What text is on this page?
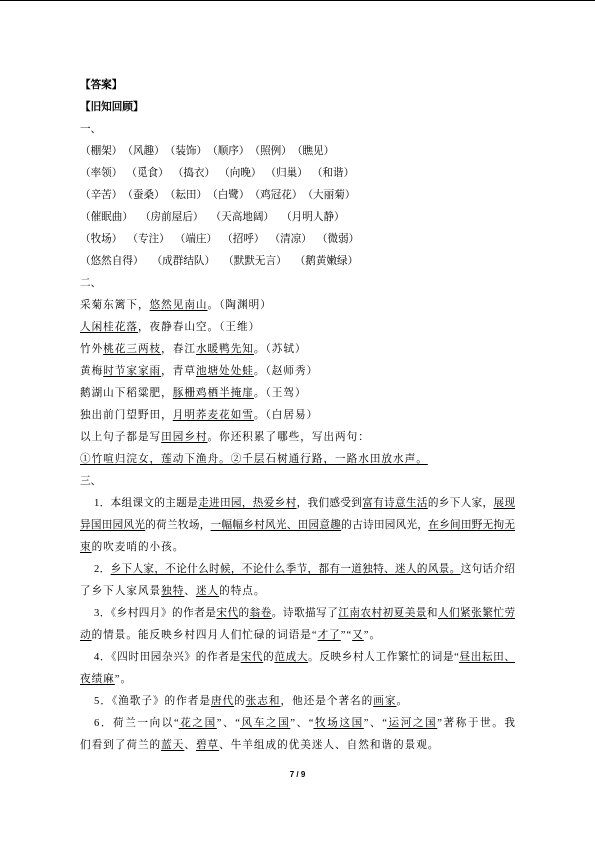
【答案】
【旧知回顾】
一、
（棚架） （风趣） （装饰） （顺序） （照例） （瞧见）
（率领） （觅食） （捣衣） （向晚） （归巢） （和谐）
（辛苦） （蚕桑） （耘田） （白鹭） （鸡冠花） （大丽菊）
（催眠曲） （房前屋后） （天高地阔） （月明人静）
（牧场） （专注） （端庄） （招呼） （清凉） （微弱）
（悠然自得） （成群结队） （默默无言） （鹅黄嫩绿）
二、
采菊东篱下，悠然见南山。（陶渊明）
人闲桂花落，夜静春山空。（王维）
竹外桃花三两枝，春江水暖鸭先知。（苏轼）
黄梅时节家家雨，青草池塘处处蛙。（赵师秀）
鹅湖山下稻粱肥，豚栅鸡栖半掩扉。（王驾）
独出前门望野田，月明荞麦花如雪。（白居易）
以上句子都是写田园乡村。你还积累了哪些，写出两句：
①竹喧归浣女，莲动下渔舟。②千层石树通行路，一路水田放水声。
三、
1．本组课文的主题是走进田园，热爱乡村，我们感受到富有诗意生活的乡下人家，展现
异国田园风光的荷兰牧场，一幅幅乡村风光、田园意趣的古诗田园风光，在乡间田野无拘无
束的吹麦哨的小孩。
2．乡下人家，不论什么时候，不论什么季节，都有一道独特、迷人的风景。这句话介绍
了乡下人家风景独特、迷人的特点。
3．《乡村四月》的作者是宋代的翁卷。诗歌描写了江南农村初夏美景和人们紧张繁忙劳
动的情景。能反映乡村四月人们忙碌的词语是“才了”“又”。
4．《四时田园杂兴》的作者是宋代的范成大。反映乡村人工作繁忙的词是“昼出耘田、
夜绩麻”。
5．《渔歌子》的作者是唐代的张志和，他还是个著名的画家。
6．荷兰一向以“花之国”、“风车之国”、“牧场这国”、“运河之国”著称于世。我
们看到了荷兰的蓝天、碧草、牛羊组成的优美迷人、自然和谐的景观。
7 / 9
